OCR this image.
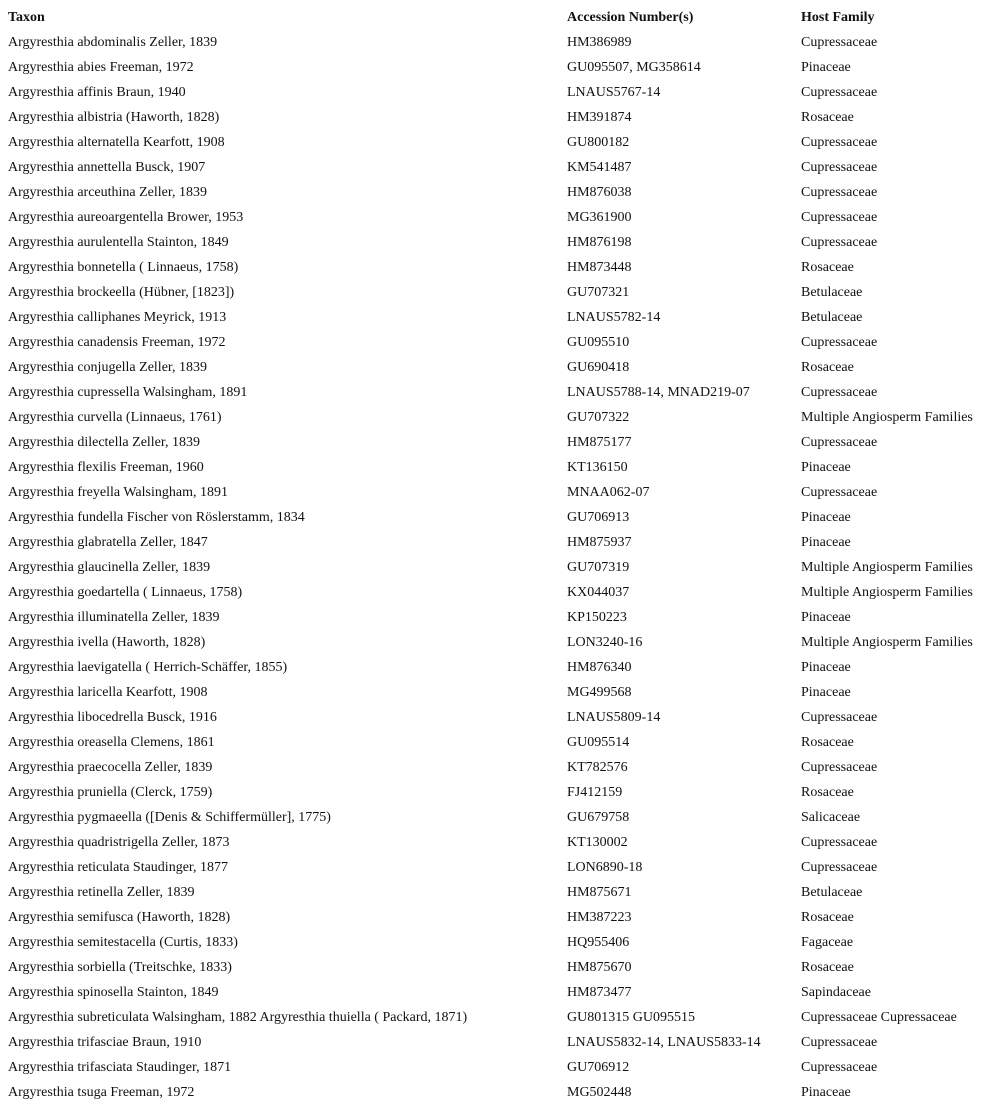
Taxon	Accession Number(s)	Host Family
Argyresthia abdominalis Zeller, 1839	HM386989	Cupressaceae
Argyresthia abies Freeman, 1972	GU095507, MG358614	Pinaceae
Argyresthia affinis Braun, 1940	LNAUS5767-14	Cupressaceae
Argyresthia albistria (Haworth, 1828)	HM391874	Rosaceae
Argyresthia alternatella Kearfott, 1908	GU800182	Cupressaceae
Argyresthia annettella Busck, 1907	KM541487	Cupressaceae
Argyresthia arceuthina Zeller, 1839	HM876038	Cupressaceae
Argyresthia aureoargentella Brower, 1953	MG361900	Cupressaceae
Argyresthia aurulentella Stainton, 1849	HM876198	Cupressaceae
Argyresthia bonnetella ( Linnaeus, 1758)	HM873448	Rosaceae
Argyresthia brockeella (Hübner, [1823])	GU707321	Betulaceae
Argyresthia calliphanes Meyrick, 1913	LNAUS5782-14	Betulaceae
Argyresthia canadensis Freeman, 1972	GU095510	Cupressaceae
Argyresthia conjugella Zeller, 1839	GU690418	Rosaceae
Argyresthia cupressella Walsingham, 1891	LNAUS5788-14, MNAD219-07	Cupressaceae
Argyresthia curvella (Linnaeus, 1761)	GU707322	Multiple Angiosperm Families
Argyresthia dilectella Zeller, 1839	HM875177	Cupressaceae
Argyresthia flexilis Freeman, 1960	KT136150	Pinaceae
Argyresthia freyella Walsingham, 1891	MNAA062-07	Cupressaceae
Argyresthia fundella Fischer von Röslerstamm, 1834	GU706913	Pinaceae
Argyresthia glabratella Zeller, 1847	HM875937	Pinaceae
Argyresthia glaucinella Zeller, 1839	GU707319	Multiple Angiosperm Families
Argyresthia goedartella ( Linnaeus, 1758)	KX044037	Multiple Angiosperm Families
Argyresthia illuminatella Zeller, 1839	KP150223	Pinaceae
Argyresthia ivella (Haworth, 1828)	LON3240-16	Multiple Angiosperm Families
Argyresthia laevigatella ( Herrich-Schäffer, 1855)	HM876340	Pinaceae
Argyresthia laricella Kearfott, 1908	MG499568	Pinaceae
Argyresthia libocedrella Busck, 1916	LNAUS5809-14	Cupressaceae
Argyresthia oreasella Clemens, 1861	GU095514	Rosaceae
Argyresthia praecocella Zeller, 1839	KT782576	Cupressaceae
Argyresthia pruniella (Clerck, 1759)	FJ412159	Rosaceae
Argyresthia pygmaeella ([Denis & Schiffermüller], 1775)	GU679758	Salicaceae
Argyresthia quadristrigella Zeller, 1873	KT130002	Cupressaceae
Argyresthia reticulata Staudinger, 1877	LON6890-18	Cupressaceae
Argyresthia retinella Zeller, 1839	HM875671	Betulaceae
Argyresthia semifusca (Haworth, 1828)	HM387223	Rosaceae
Argyresthia semitestacella (Curtis, 1833)	HQ955406	Fagaceae
Argyresthia sorbiella (Treitschke, 1833)	HM875670	Rosaceae
Argyresthia spinosella Stainton, 1849	HM873477	Sapindaceae
Argyresthia subreticulata Walsingham, 1882 Argyresthia thuiella ( Packard, 1871)	GU801315 GU095515	Cupressaceae Cupressaceae
Argyresthia trifasciae Braun, 1910	LNAUS5832-14, LNAUS5833-14	Cupressaceae
Argyresthia trifasciata Staudinger, 1871	GU706912	Cupressaceae
Argyresthia tsuga Freeman, 1972	MG502448	Pinaceae
